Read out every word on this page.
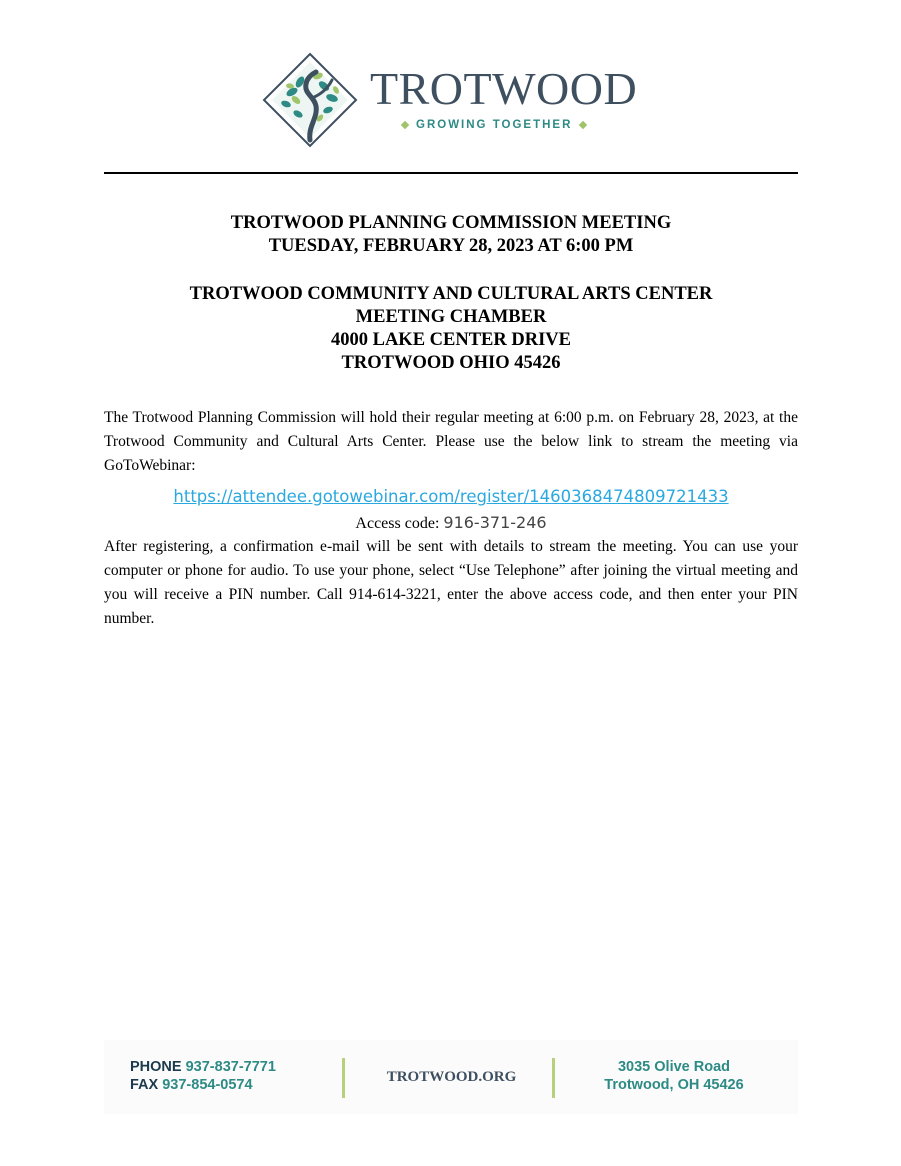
TROTWOOD
GROWING TOGETHER
TROTWOOD PLANNING COMMISSION MEETING
TUESDAY, FEBRUARY 28, 2023 AT 6:00 PM
TROTWOOD COMMUNITY AND CULTURAL ARTS CENTER
MEETING CHAMBER
4000 LAKE CENTER DRIVE
TROTWOOD OHIO 45426
The Trotwood Planning Commission will hold their regular meeting at 6:00 p.m. on February 28, 2023, at the Trotwood Community and Cultural Arts Center. Please use the below link to stream the meeting via GoToWebinar:
https://attendee.gotowebinar.com/register/1460368474809721433
Access code: 916-371-246
After registering, a confirmation e-mail will be sent with details to stream the meeting. You can use your computer or phone for audio. To use your phone, select “Use Telephone” after joining the virtual meeting and you will receive a PIN number. Call 914-614-3221, enter the above access code, and then enter your PIN number.
PHONE 937-837-7771
FAX 937-854-0574	TROTWOOD.ORG
3035 Olive Road
Trotwood, OH 45426
